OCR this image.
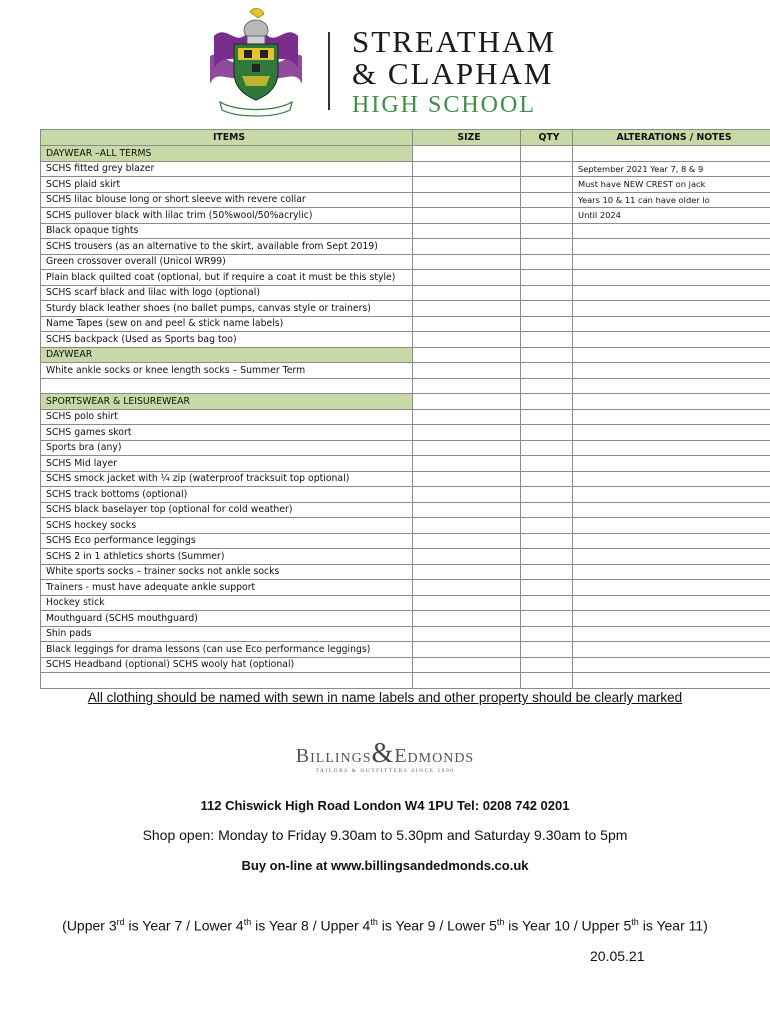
STREATHAM
& CLAPHAM
HIGH SCHOOL
ITEMS	SIZE	QTY	ALTERATIONS / NOTES
DAYWEAR –ALL TERMS			
SCHS fitted grey blazer			September 2021 Year 7, 8 & 9
SCHS plaid skirt			Must have NEW CREST on jack
SCHS lilac blouse long or short sleeve with revere collar			Years 10 & 11 can have older lo
SCHS pullover black with lilac trim (50%wool/50%acrylic)			Until 2024
Black opaque tights			
SCHS trousers (as an alternative to the skirt, available from Sept 2019)			
Green crossover overall (Unicol WR99)			
Plain black quilted coat (optional, but if require a coat it must be this style)			
SCHS scarf black and lilac with logo (optional)			
Sturdy black leather shoes (no ballet pumps, canvas style or trainers)			
Name Tapes (sew on and peel & stick name labels)			
SCHS backpack (Used as Sports bag too)			
DAYWEAR			
White ankle socks or knee length socks – Summer Term			

SPORTSWEAR & LEISUREWEAR			
SCHS polo shirt			
SCHS games skort			
Sports bra (any)			
SCHS Mid layer			
SCHS smock jacket with ¼ zip (waterproof tracksuit top optional)			
SCHS track bottoms (optional)			
SCHS black baselayer top (optional for cold weather)			
SCHS hockey socks			
SCHS Eco performance leggings			
SCHS 2 in 1 athletics shorts (Summer)			
White sports socks – trainer socks not ankle socks			
Trainers - must have adequate ankle support			
Hockey stick			
Mouthguard (SCHS mouthguard)			
Shin pads			
Black leggings for drama lessons (can use Eco performance leggings)			
SCHS Headband (optional) SCHS wooly hat (optional)			

All clothing should be named with sewn in name labels and other property should be clearly marked
Billings&Edmonds
TAILORS & OUTFITTERS SINCE 1890
112 Chiswick High Road London W4 1PU Tel: 0208 742 0201
Shop open: Monday to Friday 9.30am to 5.30pm and Saturday 9.30am to 5pm
Buy on-line at www.billingsandedmonds.co.uk
(Upper 3rd is Year 7 / Lower 4th is Year 8 / Upper 4th is Year 9 / Lower 5th is Year 10 / Upper 5th is Year 11)
20.05.21
